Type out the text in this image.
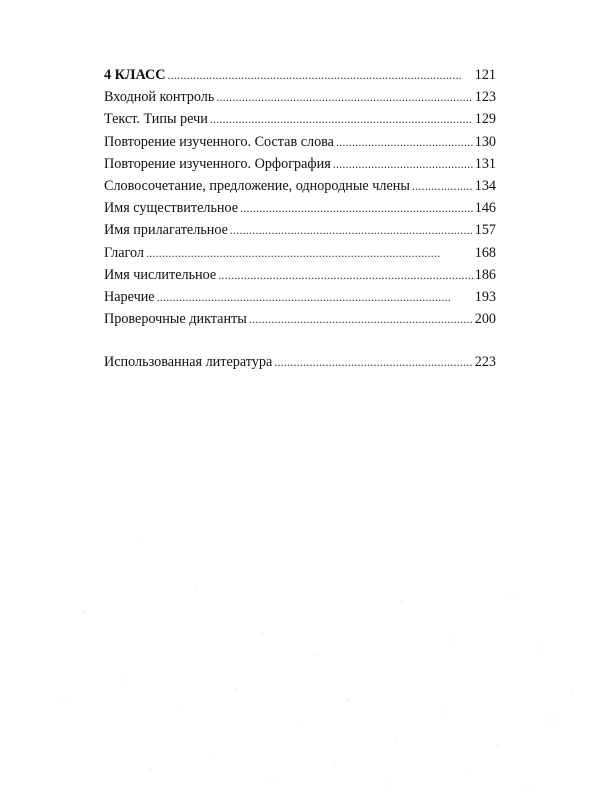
4 КЛАСС . . .	121
Входной контроль . . .	123
Текст. Типы речи . . .	129
Повторение изученного. Состав слова . . .	130
Повторение изученного. Орфография . . .	131
Словосочетание, предложение, однородные члены . . .	134
Имя существительное . . .	146
Имя прилагательное . . .	157
Глагол . . .	168
Имя числительное . . .	186
Наречие . . .	193
Проверочные диктанты . . .	200
Использованная литература . . .	223
